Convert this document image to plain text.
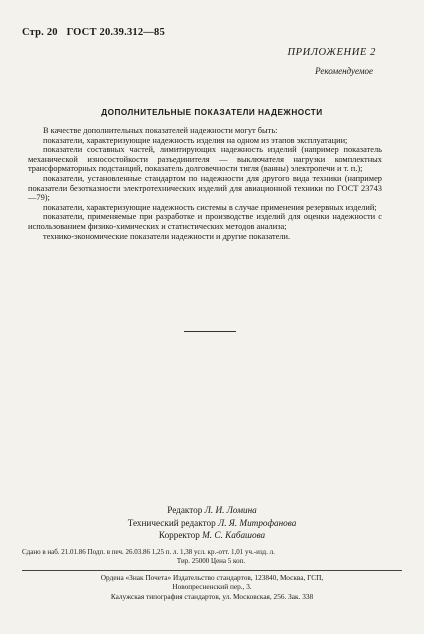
Стр. 20 ГОСТ 20.39.312—85
ПРИЛОЖЕНИЕ 2
Рекомендуемое
ДОПОЛНИТЕЛЬНЫЕ ПОКАЗАТЕЛИ НАДЕЖНОСТИ

В качестве дополнительных показателей надежности могут быть:

показатели, характеризующие надежность изделия на одном из этапов эксплуатации;

показатели составных частей, лимитирующих надежность изделий (например показатель механической износостойкости разъединителя — выключателя нагрузки комплектных трансформаторных подстанций, показатель долговечности тигля (ванны) электропечи и т. п.);

показатели, установленные стандартом по надежности для другого вида техники (например показатели безотказности электротехнических изделий для авиационной техники по ГОСТ 23743—79);

показатели, характеризующие надежность системы в случае применения резервных изделий;

показатели, применяемые при разработке и производстве изделий для оценки надежности с использованием физико-химических и статистических методов анализа;

технико-экономические показатели надежности и другие показатели.

Редактор Л. И. Ломина
Технический редактор Л. Я. Митрофанова
Корректор М. С. Кабашова
Сдано в наб. 21.01.86 Подп. в печ. 26.03.86 1,25 п. л. 1,38 усл. кр.-отт. 1,01 уч.-изд. л.
Тир. 25000 Цена 5 коп.
Ордена «Знак Почета» Издательство стандартов, 123840, Москва, ГСП,
Новопресненский пер., 3.
Калужская типография стандартов, ул. Московская, 256. Зак. 338
